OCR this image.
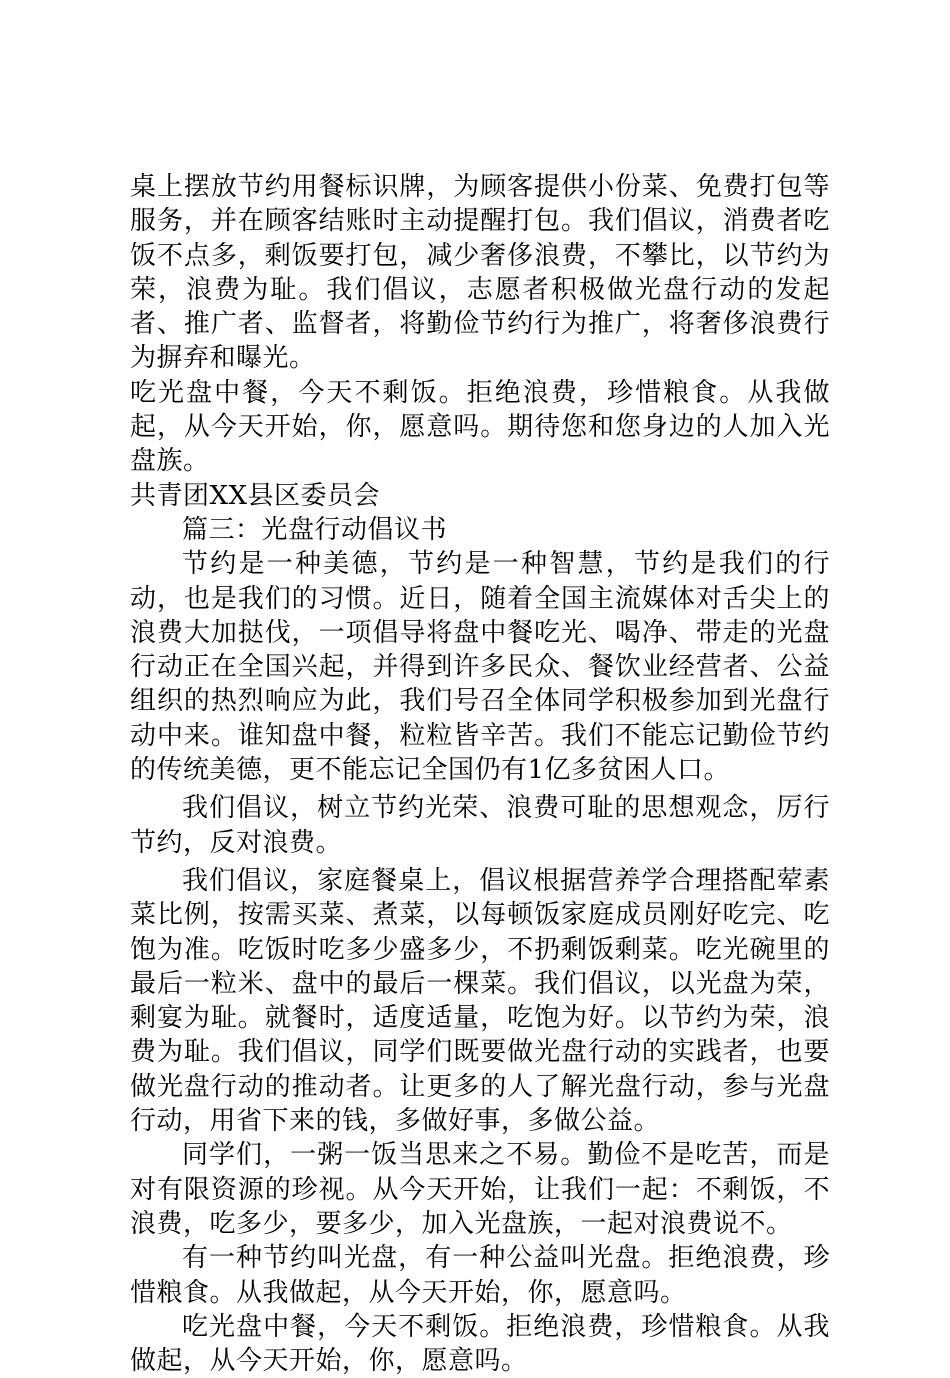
桌上摆放节约用餐标识牌，为顾客提供小份菜、免费打包等服务，并在顾客结账时主动提醒打包。我们倡议，消费者吃饭不点多，剩饭要打包，减少奢侈浪费，不攀比，以节约为荣，浪费为耻。我们倡议，志愿者积极做光盘行动的发起者、推广者、监督者，将勤俭节约行为推广，将奢侈浪费行为摒弃和曝光。

吃光盘中餐，今天不剩饭。拒绝浪费，珍惜粮食。从我做起，从今天开始，你，愿意吗。期待您和您身边的人加入光盘族。

共青团XX县区委员会

篇三：光盘行动倡议书

节约是一种美德，节约是一种智慧，节约是我们的行动，也是我们的习惯。近日，随着全国主流媒体对舌尖上的浪费大加挞伐，一项倡导将盘中餐吃光、喝净、带走的光盘行动正在全国兴起，并得到许多民众、餐饮业经营者、公益组织的热烈响应为此，我们号召全体同学积极参加到光盘行动中来。谁知盘中餐，粒粒皆辛苦。我们不能忘记勤俭节约的传统美德，更不能忘记全国仍有1亿多贫困人口。

我们倡议，树立节约光荣、浪费可耻的思想观念，厉行节约，反对浪费。

我们倡议，家庭餐桌上，倡议根据营养学合理搭配荤素菜比例，按需买菜、煮菜，以每顿饭家庭成员刚好吃完、吃饱为准。吃饭时吃多少盛多少，不扔剩饭剩菜。吃光碗里的最后一粒米、盘中的最后一棵菜。我们倡议，以光盘为荣，剩宴为耻。就餐时，适度适量，吃饱为好。以节约为荣，浪费为耻。我们倡议，同学们既要做光盘行动的实践者，也要做光盘行动的推动者。让更多的人了解光盘行动，参与光盘行动，用省下来的钱，多做好事，多做公益。

同学们，一粥一饭当思来之不易。勤俭不是吃苦，而是对有限资源的珍视。从今天开始，让我们一起：不剩饭，不浪费，吃多少，要多少，加入光盘族，一起对浪费说不。

有一种节约叫光盘，有一种公益叫光盘。拒绝浪费，珍惜粮食。从我做起，从今天开始，你，愿意吗。

吃光盘中餐，今天不剩饭。拒绝浪费，珍惜粮食。从我做起，从今天开始，你，愿意吗。
